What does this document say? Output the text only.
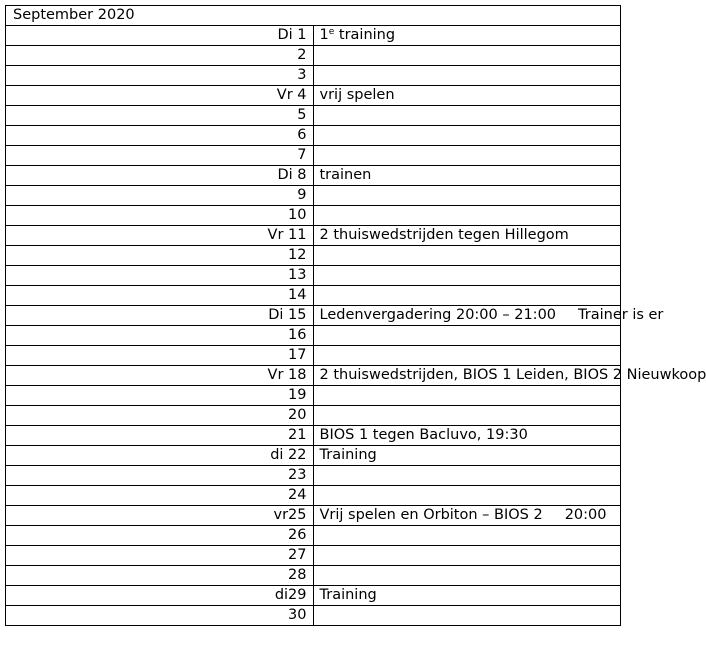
September 2020	
Di 1	1e training
2	
3	
Vr 4	vrij spelen
5	
6	
7	
Di 8	trainen
9	
10	
Vr 11	2 thuiswedstrijden tegen Hillegom
12	
13	
14	
Di 15	Ledenvergadering 20:00 – 21:00 Trainer is er
16	
17	
Vr 18	2 thuiswedstrijden, BIOS 1 Leiden, BIOS 2 Nieuwkoop
19	
20	
21	BIOS 1 tegen Bacluvo, 19:30
di 22	Training
23	
24	
vr25	Vrij spelen en Orbiton – BIOS 2 20:00
26	
27	
28	
di29	Training
30	
